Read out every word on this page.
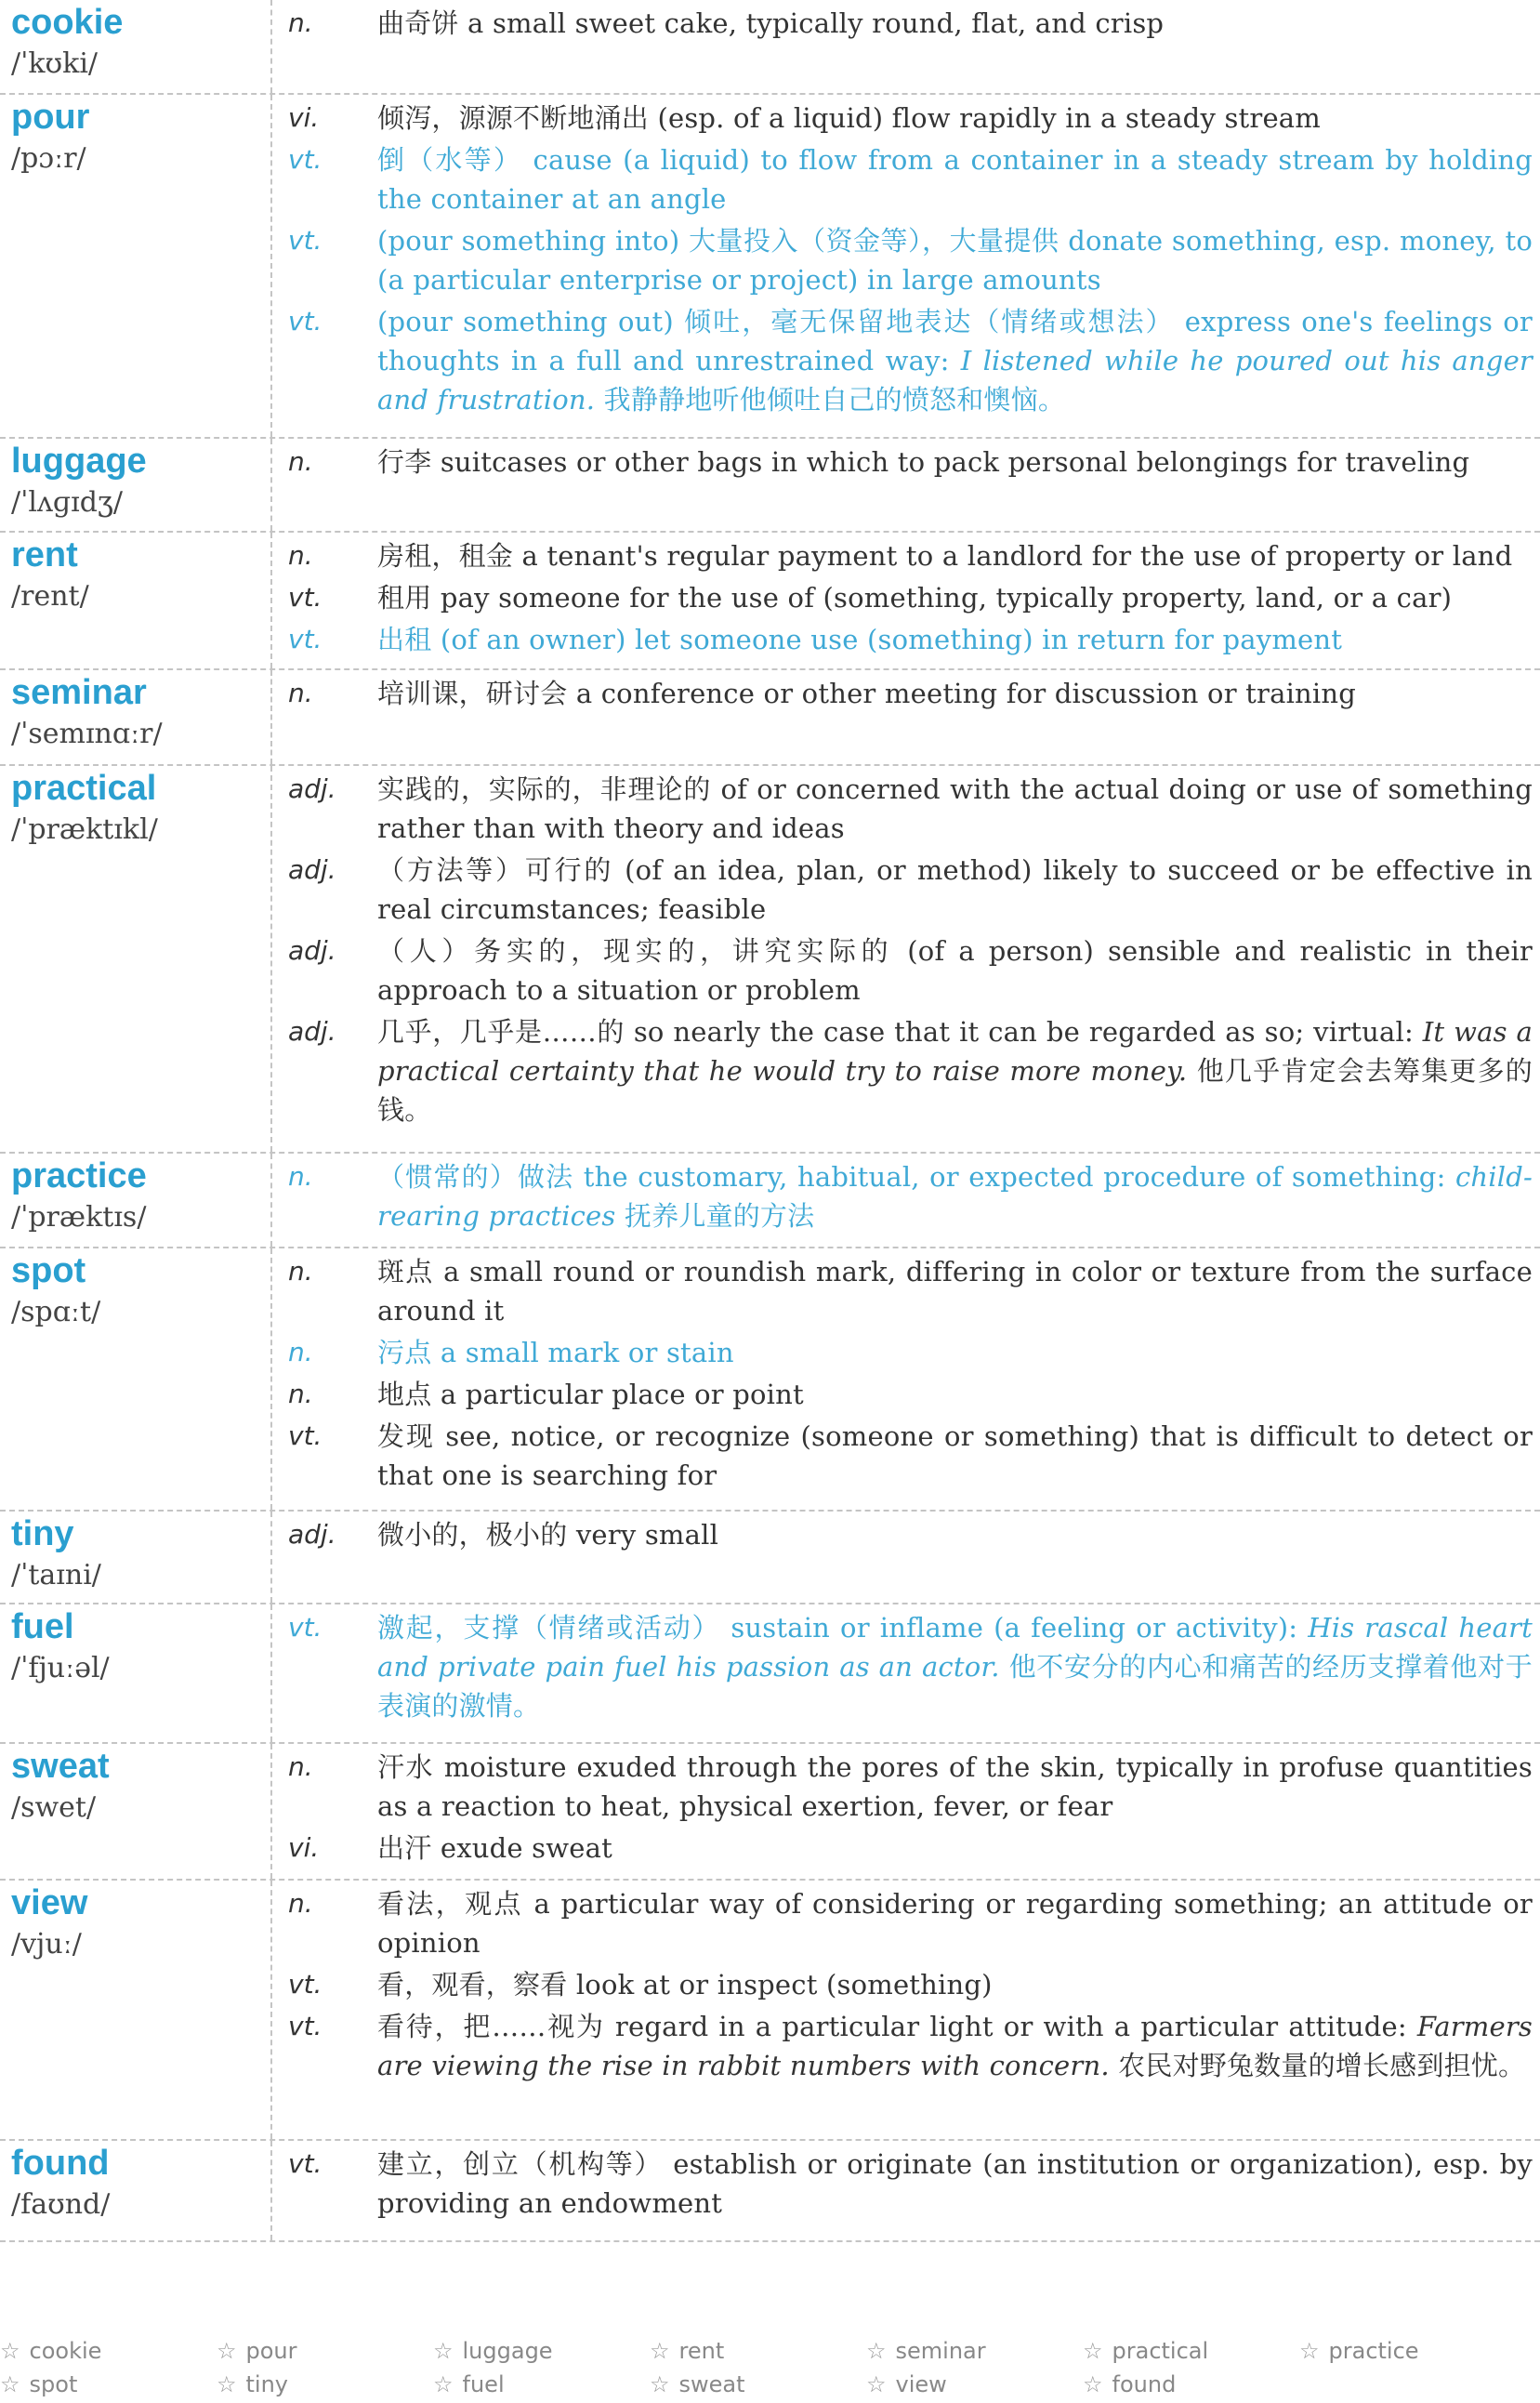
cookie
/ˈkʊki/
n.	曲奇饼 a small sweet cake, typically round, flat, and crisp
pour
/pɔːr/
vi.	倾泻，源源不断地涌出 (esp. of a liquid) flow rapidly in a steady stream
vt.	倒（水等） cause (a liquid) to flow from a container in a steady stream by holding the container at an angle
vt.	(pour something into) 大量投入（资金等），大量提供 donate something, esp. money, to (a particular enterprise or project) in large amounts
vt.	(pour something out) 倾吐，毫无保留地表达（情绪或想法） express one's feelings or thoughts in a full and unrestrained way: I listened while he poured out his anger and frustration. 我静静地听他倾吐自己的愤怒和懊恼。
luggage
/ˈlʌɡɪdʒ/
n.	行李 suitcases or other bags in which to pack personal belongings for traveling
rent
/rent/
n.	房租，租金 a tenant's regular payment to a landlord for the use of property or land
vt.	租用 pay someone for the use of (something, typically property, land, or a car)
vt.	出租 (of an owner) let someone use (something) in return for payment
seminar
/ˈsemɪnɑːr/
n.	培训课，研讨会 a conference or other meeting for discussion or training
practical
/ˈpræktɪkl/
adj.	实践的，实际的，非理论的 of or concerned with the actual doing or use of something rather than with theory and ideas
adj.	（方法等）可行的 (of an idea, plan, or method) likely to succeed or be effective in real circumstances; feasible
adj.	（人）务实的，现实的，讲究实际的 (of a person) sensible and realistic in their approach to a situation or problem
adj.	几乎，几乎是……的 so nearly the case that it can be regarded as so; virtual: It was a practical certainty that he would try to raise more money. 他几乎肯定会去筹集更多的钱。
practice
/ˈpræktɪs/
n.	（惯常的）做法 the customary, habitual, or expected procedure of something: child-rearing practices 抚养儿童的方法
spot
/spɑːt/
n.	斑点 a small round or roundish mark, differing in color or texture from the surface around it
n.	污点 a small mark or stain
n.	地点 a particular place or point
vt.	发现 see, notice, or recognize (someone or something) that is difficult to detect or that one is searching for
tiny
/ˈtaɪni/
adj.	微小的，极小的 very small
fuel
/ˈfjuːəl/
vt.	激起，支撑（情绪或活动） sustain or inflame (a feeling or activity): His rascal heart and private pain fuel his passion as an actor. 他不安分的内心和痛苦的经历支撑着他对于表演的激情。
sweat
/swet/
n.	汗水 moisture exuded through the pores of the skin, typically in profuse quantities as a reaction to heat, physical exertion, fever, or fear
vi.	出汗 exude sweat
view
/vjuː/
n.	看法，观点 a particular way of considering or regarding something; an attitude or opinion
vt.	看，观看，察看 look at or inspect (something)
vt.	看待，把……视为 regard in a particular light or with a particular attitude: Farmers are viewing the rise in rabbit numbers with concern. 农民对野兔数量的增长感到担忧。
found
/faʊnd/
vt.	建立，创立（机构等） establish or originate (an institution or organization), esp. by providing an endowment
☆ cookie	☆ pour	☆ luggage	☆ rent	☆ seminar	☆ practical	☆ practice
☆ spot	☆ tiny	☆ fuel	☆ sweat	☆ view	☆ found
